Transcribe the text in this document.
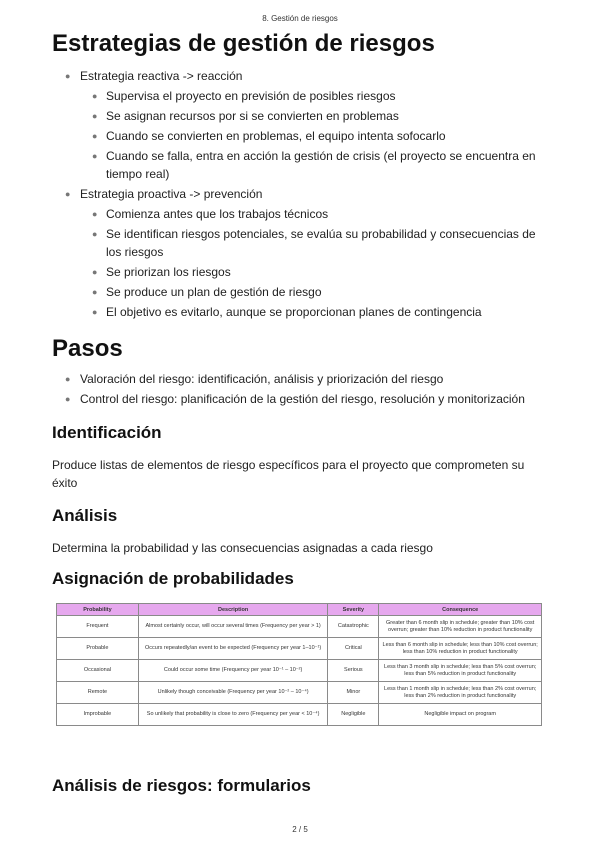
8. Gestión de riesgos
Estrategias de gestión de riesgos
● Estrategia reactiva -> reacción
● Supervisa el proyecto en previsión de posibles riesgos
● Se asignan recursos por si se convierten en problemas
● Cuando se convierten en problemas, el equipo intenta sofocarlo
● Cuando se falla, entra en acción la gestión de crisis (el proyecto se encuentra en tiempo real)
● Estrategia proactiva -> prevención
● Comienza antes que los trabajos técnicos
● Se identifican riesgos potenciales, se evalúa su probabilidad y consecuencias de los riesgos
● Se priorizan los riesgos
● Se produce un plan de gestión de riesgo
● El objetivo es evitarlo, aunque se proporcionan planes de contingencia
Pasos
● Valoración del riesgo: identificación, análisis y priorización del riesgo
● Control del riesgo: planificación de la gestión del riesgo, resolución y monitorización
Identificación

Produce listas de elementos de riesgo específicos para el proyecto que comprometen su éxito

Análisis

Determina la probabilidad y las consecuencias asignadas a cada riesgo

Asignación de probabilidades
Probability	Description	Severity	Consequence
Frequent	Almost certainly occur, will occur several times (Frequency per year > 1)	Catastrophic	Greater than 6 month slip in schedule; greater than 10% cost overrun; greater than 10% reduction in product functionality
Probable	Occurs repeatedly/an event to be expected (Frequency per year 1–10⁻¹)	Critical	Less than 6 month slip in schedule; less than 10% cost overrun; less than 10% reduction in product functionality
Occasional	Could occur some time (Frequency per year 10⁻¹ – 10⁻²)	Serious	Less than 3 month slip in schedule; less than 5% cost overrun; less than 5% reduction in product functionality
Remote	Unlikely though conceivable (Frequency per year 10⁻² – 10⁻⁴)	Minor	Less than 1 month slip in schedule; less than 2% cost overrun; less than 2% reduction in product functionality
Improbable	So unlikely that probability is close to zero (Frequency per year < 10⁻⁴)	Negligible	Negligible impact on program
Análisis de riesgos: formularios
2 / 5
